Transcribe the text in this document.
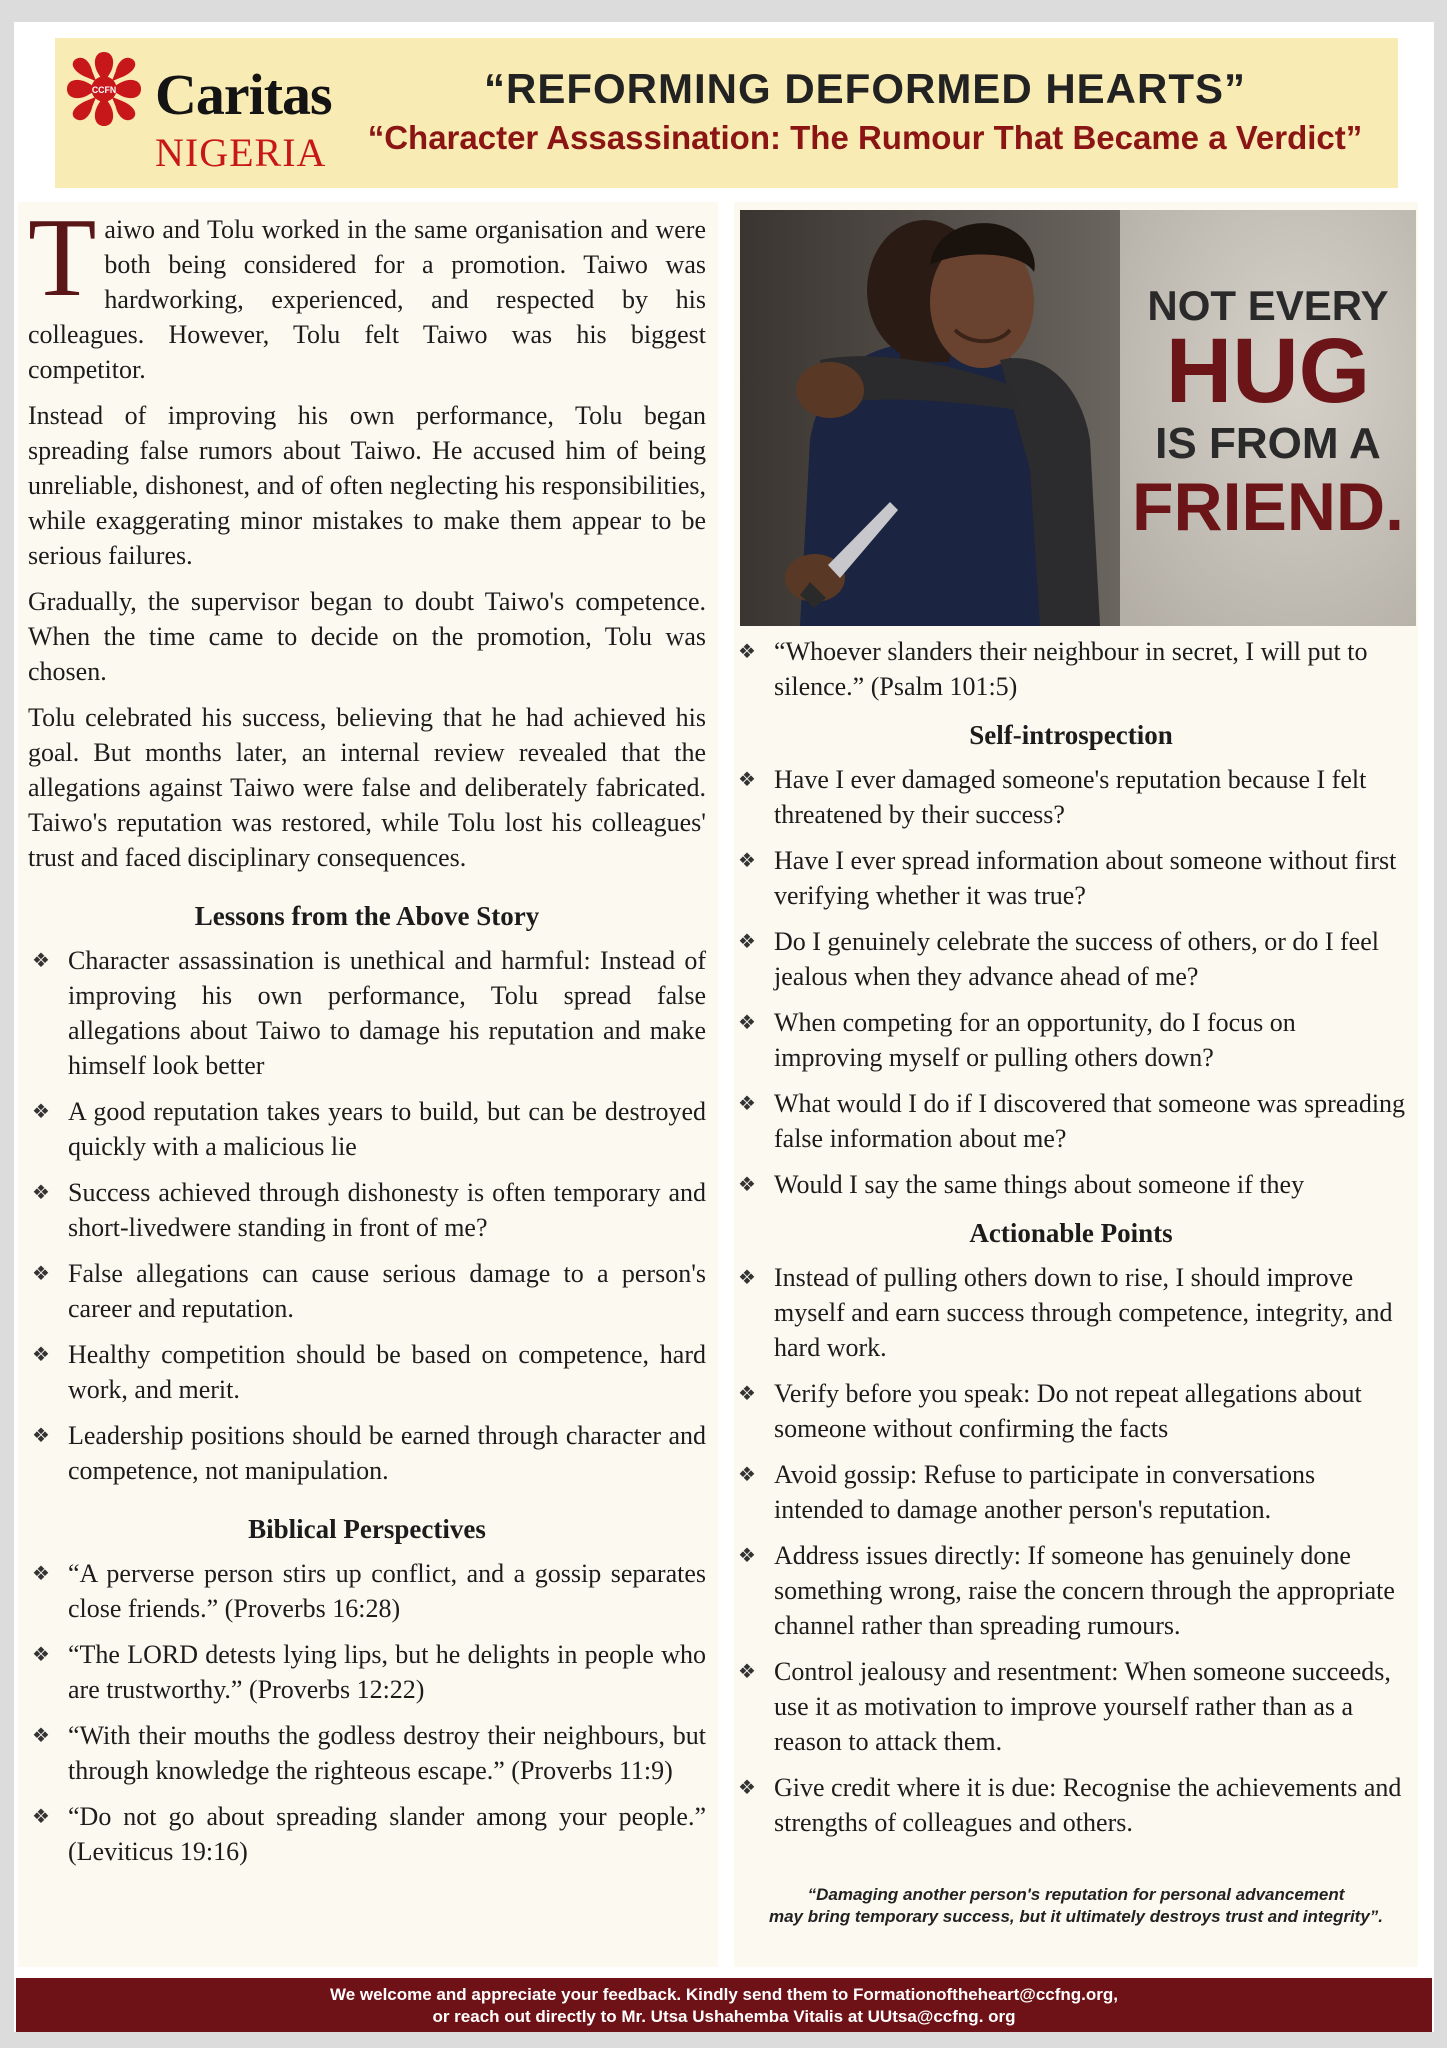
CCFN Caritas
NIGERIA
“REFORMING DEFORMED HEARTS”
“Character Assassination: The Rumour That Became a Verdict”

Taiwo and Tolu worked in the same organisation and were both being considered for a promotion. Taiwo was hardworking, experienced, and respected by his colleagues. However, Tolu felt Taiwo was his biggest competitor.

Instead of improving his own performance, Tolu began spreading false rumors about Taiwo. He accused him of being unreliable, dishonest, and of often neglecting his responsibilities, while exaggerating minor mistakes to make them appear to be serious failures.

Gradually, the supervisor began to doubt Taiwo's competence. When the time came to decide on the promotion, Tolu was chosen.

Tolu celebrated his success, believing that he had achieved his goal. But months later, an internal review revealed that the allegations against Taiwo were false and deliberately fabricated. Taiwo's reputation was restored, while Tolu lost his colleagues' trust and faced disciplinary consequences.

Lessons from the Above Story
❖ Character assassination is unethical and harmful: Instead of improving his own performance, Tolu spread false allegations about Taiwo to damage his reputation and make himself look better
❖ A good reputation takes years to build, but can be destroyed quickly with a malicious lie
❖ Success achieved through dishonesty is often temporary and short-livedwere standing in front of me?
❖ False allegations can cause serious damage to a person's career and reputation.
❖ Healthy competition should be based on competence, hard work, and merit.
❖ Leadership positions should be earned through character and competence, not manipulation.
Biblical Perspectives
❖ “A perverse person stirs up conflict, and a gossip separates close friends.” (Proverbs 16:28)
❖ “The LORD detests lying lips, but he delights in people who are trustworthy.” (Proverbs 12:22)
❖ “With their mouths the godless destroy their neighbours, but through knowledge the righteous escape.” (Proverbs 11:9)
❖ “Do not go about spreading slander among your people.” (Leviticus 19:16)
NOT EVERY
HUG
IS FROM A
FRIEND.
❖ “Whoever slanders their neighbour in secret, I will put to silence.” (Psalm 101:5)
Self-introspection
❖ Have I ever damaged someone's reputation because I felt threatened by their success?
❖ Have I ever spread information about someone without first verifying whether it was true?
❖ Do I genuinely celebrate the success of others, or do I feel jealous when they advance ahead of me?
❖ When competing for an opportunity, do I focus on improving myself or pulling others down?
❖ What would I do if I discovered that someone was spreading false information about me?
❖ Would I say the same things about someone if they
Actionable Points
❖ Instead of pulling others down to rise, I should improve myself and earn success through competence, integrity, and hard work.
❖ Verify before you speak: Do not repeat allegations about someone without confirming the facts
❖ Avoid gossip: Refuse to participate in conversations intended to damage another person's reputation.
❖ Address issues directly: If someone has genuinely done something wrong, raise the concern through the appropriate channel rather than spreading rumours.
❖ Control jealousy and resentment: When someone succeeds, use it as motivation to improve yourself rather than as a reason to attack them.
❖ Give credit where it is due: Recognise the achievements and strengths of colleagues and others.
“Damaging another person's reputation for personal advancement
may bring temporary success, but it ultimately destroys trust and integrity”.
We welcome and appreciate your feedback. Kindly send them to Formationoftheheart@ccfng.org,
or reach out directly to Mr. Utsa Ushahemba Vitalis at UUtsa@ccfng. org
